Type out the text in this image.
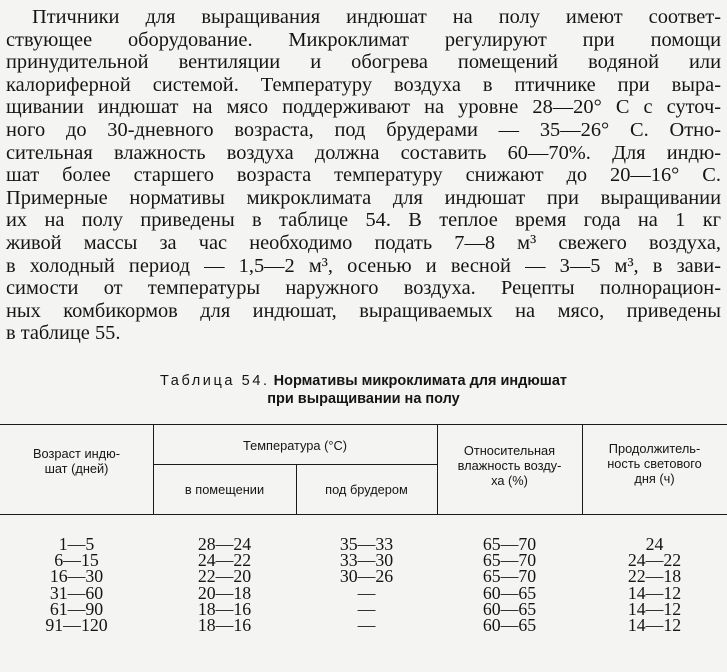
Птичники для выращивания индюшат на полу имеют соответ-
ствующее оборудование. Микроклимат регулируют при помощи
принудительной вентиляции и обогрева помещений водяной или
калориферной системой. Температуру воздуха в птичнике при выра-
щивании индюшат на мясо поддерживают на уровне 28—20° С с суточ-
ного до 30-дневного возраста, под брудерами — 35—26° С. Отно-
сительная влажность воздуха должна составить 60—70%. Для индю-
шат более старшего возраста температуру снижают до 20—16° С.
Примерные нормативы микроклимата для индюшат при выращивании
их на полу приведены в таблице 54. В теплое время года на 1 кг
живой массы за час необходимо подать 7—8 м³ свежего воздуха,
в холодный период — 1,5—2 м³, осенью и весной — 3—5 м³, в зави-
симости от температуры наружного воздуха. Рецепты полнорацион-
ных комбикормов для индюшат, выращиваемых на мясо, приведены
в таблице 55.
Таблица 54. Нормативы микроклимата для индюшат
при выращивании на полу
Возраст индю-
шат (дней)
Температура (°С)
в помещении	под брудером
Относительная
влажность возду-
ха (%)
Продолжитель-
ность светового
дня (ч)
1—5
6—15
16—30
31—60
61—90
91—120
28—24
24—22
22—20
20—18
18—16
18—16
35—33
33—30
30—26
—
—
—
65—70
65—70
65—70
60—65
60—65
60—65
24
24—22
22—18
14—12
14—12
14—12
